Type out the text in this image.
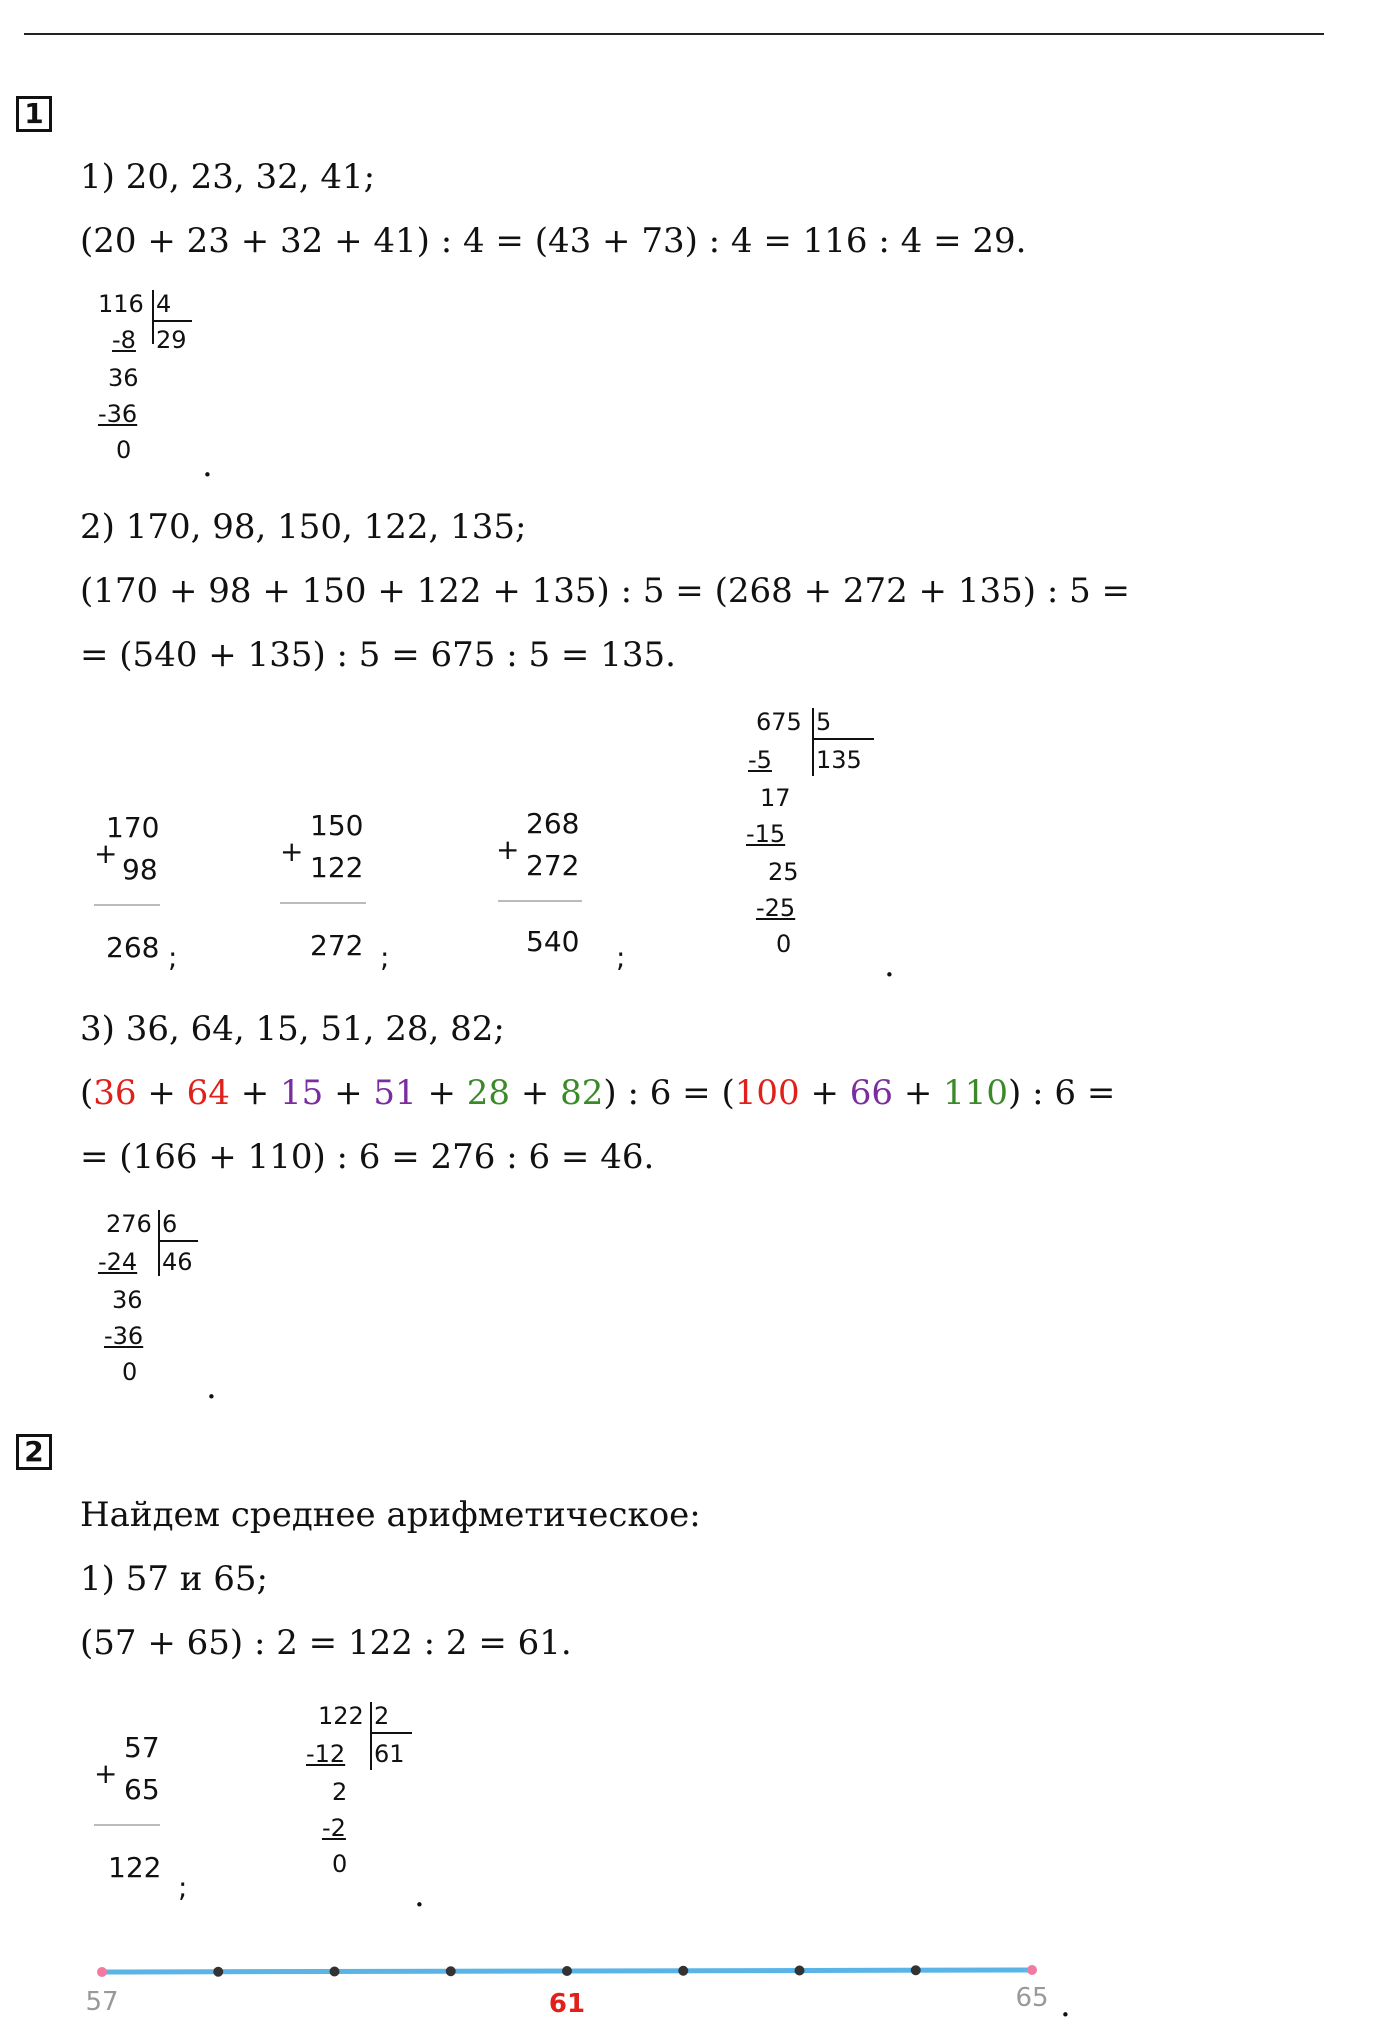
1
1) 20, 23, 32, 41;
(20 + 23 + 32 + 41) : 4 = (43 + 73) : 4 = 116 : 4 = 29.
116 4
29
-8
36
-36
0 .
2) 170, 98, 150, 122, 135;
(170 + 98 + 150 + 122 + 135) : 5 = (268 + 272 + 135) : 5 =
= (540 + 135) : 5 = 675 : 5 = 135.
+
170
98
268 ;
+
150
122
272 ;
+
268
272
540 ;
675 5
135
-5
17
-15
25
-25
0
.
3) 36, 64, 15, 51, 28, 82;
(36 + 64 + 15 + 51 + 28 + 82) : 6 = (100 + 66 + 110) : 6 =
= (166 + 110) : 6 = 276 : 6 = 46.
276 6
46
-24
36
-36
0 .
2
Найдем среднее арифметическое:
1) 57 и 65;
(57 + 65) : 2 = 122 : 2 = 61.
+
57
65
122
;
122 2
61
-12
2
-2
0
.
57	61	65 .
